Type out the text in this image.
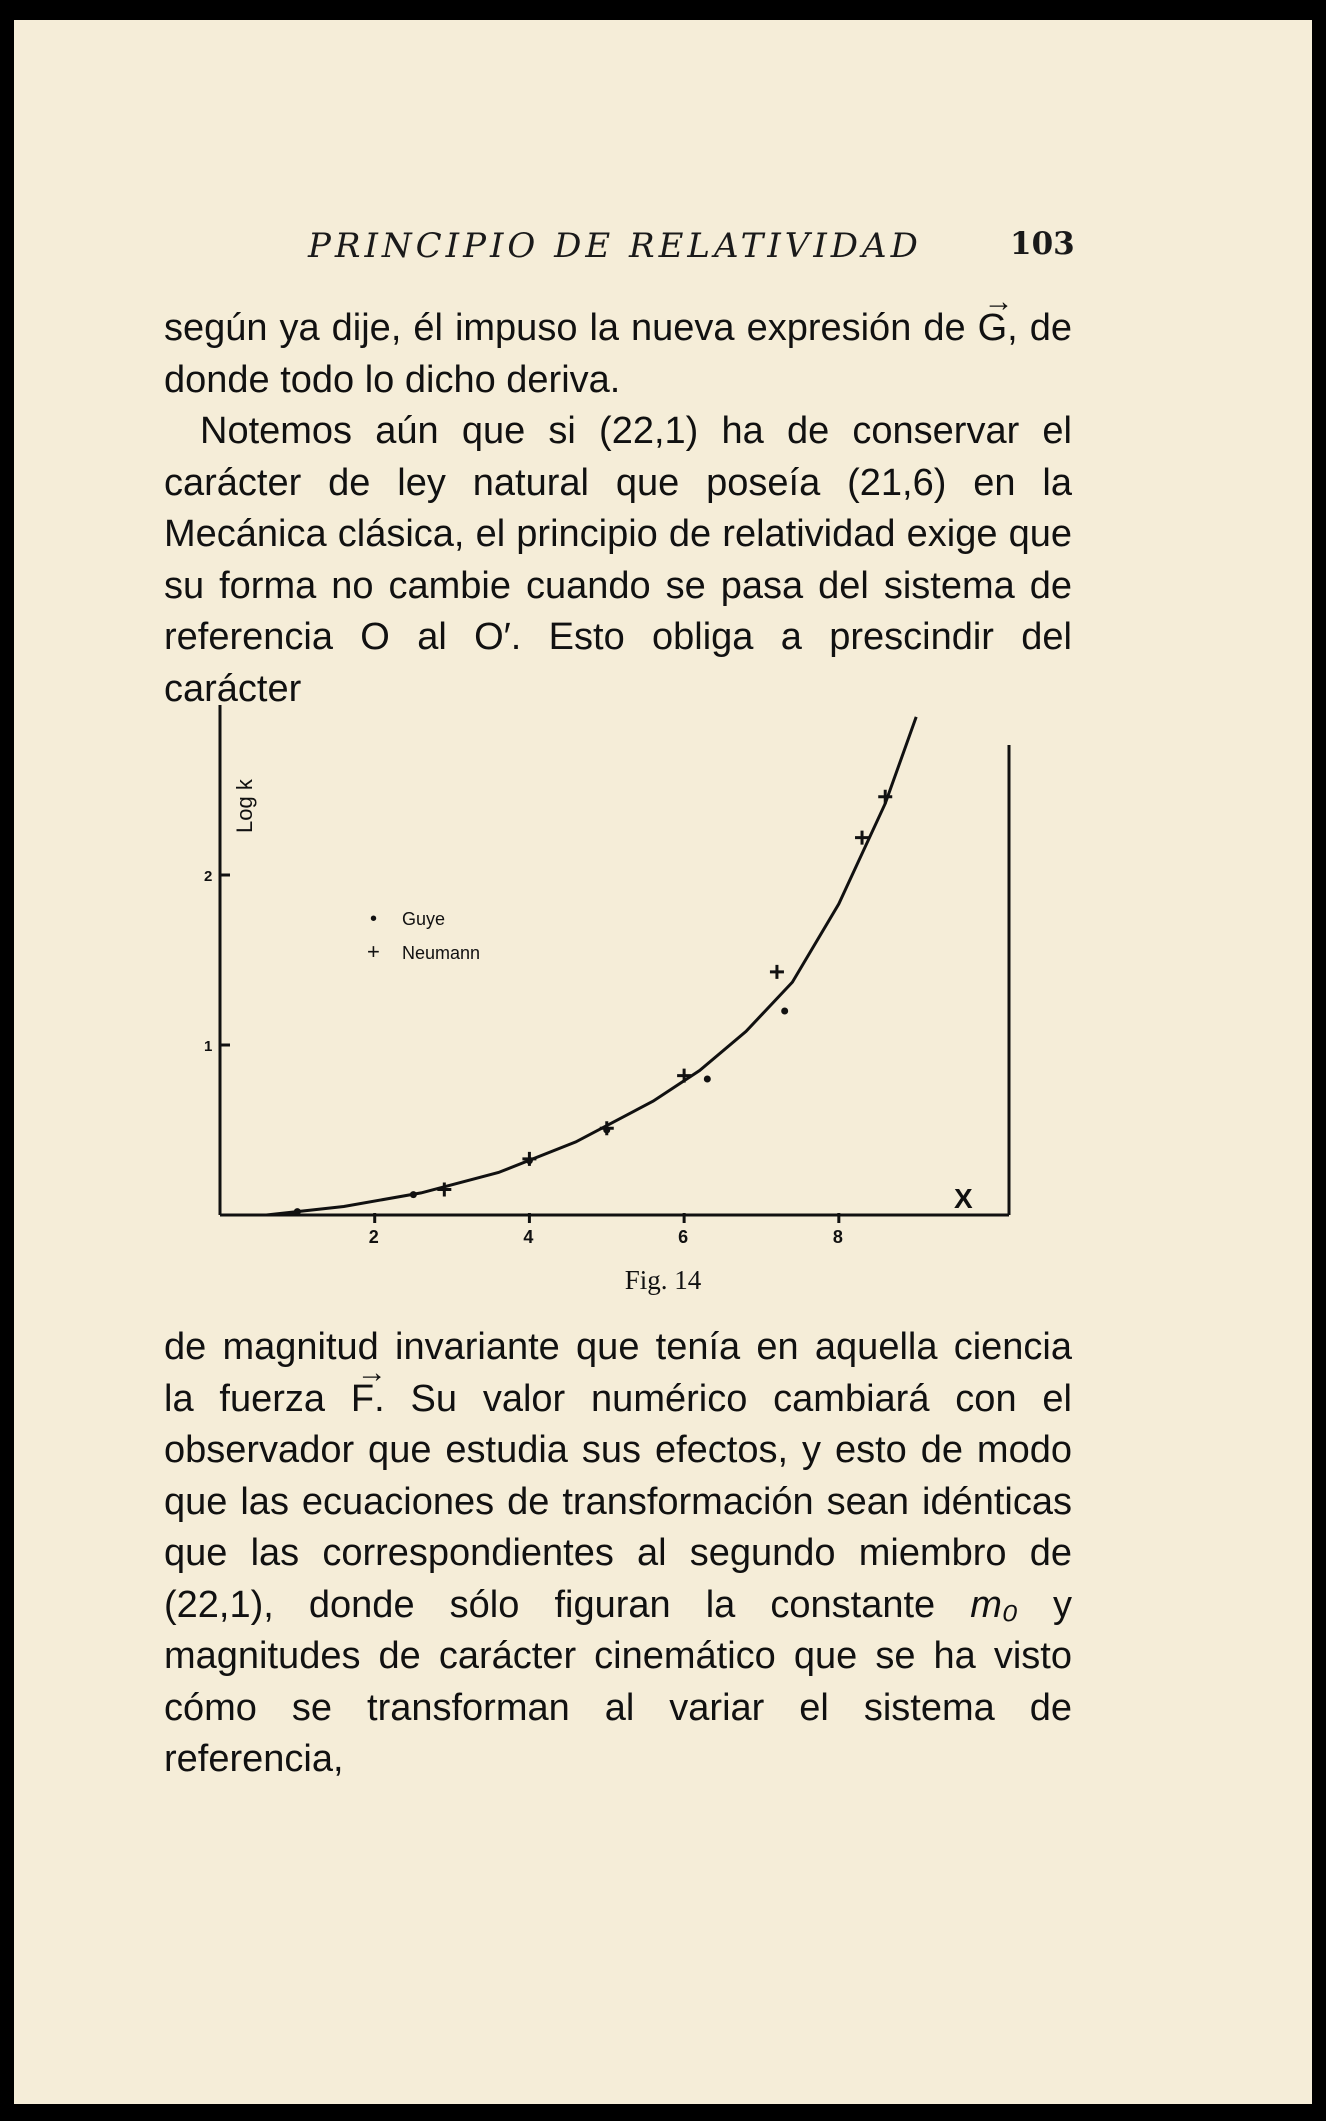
PRINCIPIO DE RELATIVIDAD	103

según ya dije, él impuso la nueva expresión de → G, de donde todo lo dicho deriva.

Notemos aún que si (22,1) ha de conservar el carácter de ley natural que poseía (21,6) en la Mecánica clásica, el principio de relatividad exige que su forma no cambie cuando se pasa del sistema de referencia O al O′. Esto obliga a prescindir del carácter

Log k
X
2	4	6	8
1
2
• Guye
+ Neumann
Fig. 14

de magnitud invariante que tenía en aquella ciencia la fuerza → F. Su valor numérico cambiará con el observador que estudia sus efectos, y esto de modo que las ecuaciones de transformación sean idénticas que las correspondientes al segundo miembro de (22,1), donde sólo figuran la constante m₀ y magnitudes de carácter cinemático que se ha visto cómo se transforman al variar el sistema de referencia,
